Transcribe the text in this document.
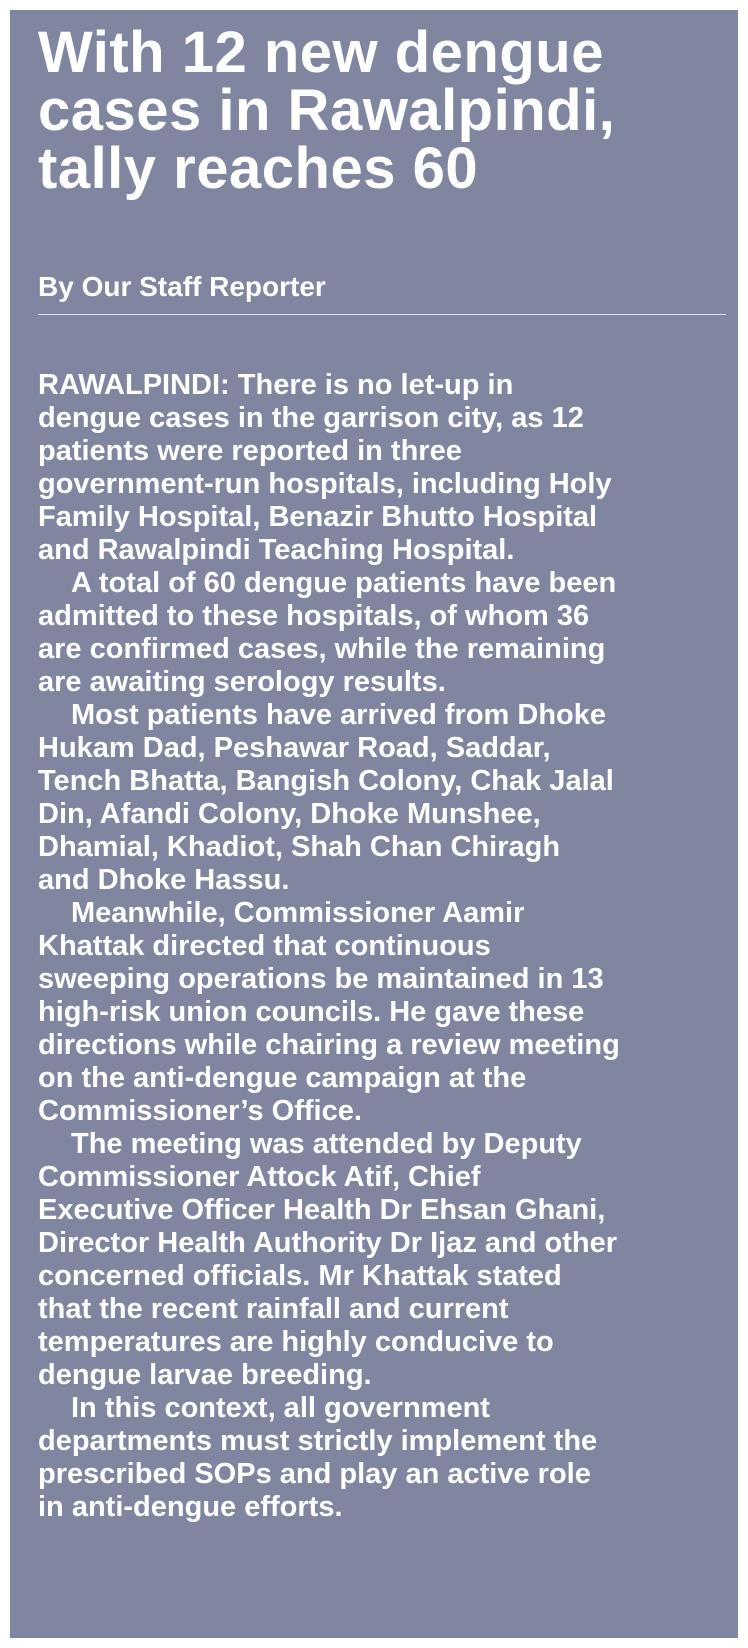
With 12 new dengue
cases in Rawalpindi,
tally reaches 60
By Our Staff Reporter

RAWALPINDI: There is no let-up in
dengue cases in the garrison city, as 12
patients were reported in three
government-run hospitals, including Holy
Family Hospital, Benazir Bhutto Hospital
and Rawalpindi Teaching Hospital.

A total of 60 dengue patients have been
admitted to these hospitals, of whom 36
are confirmed cases, while the remaining
are awaiting serology results.

Most patients have arrived from Dhoke
Hukam Dad, Peshawar Road, Saddar,
Tench Bhatta, Bangish Colony, Chak Jalal
Din, Afandi Colony, Dhoke Munshee,
Dhamial, Khadiot, Shah Chan Chiragh
and Dhoke Hassu.

Meanwhile, Commissioner Aamir
Khattak directed that continuous
sweeping operations be maintained in 13
high-risk union councils. He gave these
directions while chairing a review meeting
on the anti-dengue campaign at the
Commissioner’s Office.

The meeting was attended by Deputy
Commissioner Attock Atif, Chief
Executive Officer Health Dr Ehsan Ghani,
Director Health Authority Dr Ijaz and other
concerned officials. Mr Khattak stated
that the recent rainfall and current
temperatures are highly conducive to
dengue larvae breeding.

In this context, all government
departments must strictly implement the
prescribed SOPs and play an active role
in anti-dengue efforts.
